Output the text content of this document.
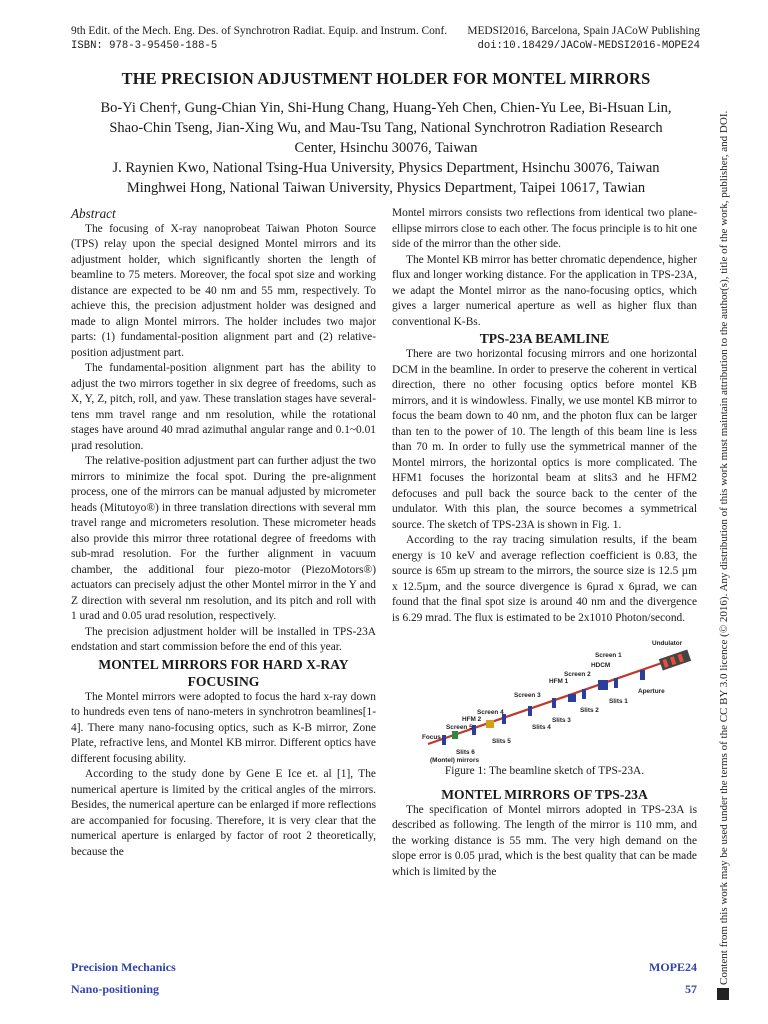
9th Edit. of the Mech. Eng. Des. of Synchrotron Radiat. Equip. and Instrum. Conf. MEDSI2016, Barcelona, Spain JACoW Publishing
ISBN: 978-3-95450-188-5	doi:10.18429/JACoW-MEDSI2016-MOPE24
THE PRECISION ADJUSTMENT HOLDER FOR MONTEL MIRRORS
Bo-Yi Chen†, Gung-Chian Yin, Shi-Hung Chang, Huang-Yeh Chen, Chien-Yu Lee, Bi-Hsuan Lin,
Shao-Chin Tseng, Jian-Xing Wu, and Mau-Tsu Tang, National Synchrotron Radiation Research
Center, Hsinchu 30076, Taiwan
J. Raynien Kwo, National Tsing-Hua University, Physics Department, Hsinchu 30076, Taiwan
Minghwei Hong, National Taiwan University, Physics Department, Taipei 10617, Tawian

Abstract

The focusing of X-ray nanoprobeat Taiwan Photon Source (TPS) relay upon the special designed Montel mirrors and its adjustment holder, which significantly shorten the length of beamline to 75 meters. Moreover, the focal spot size and working distance are expected to be 40 nm and 55 mm, respectively. To achieve this, the precision adjustment holder was designed and made to align Montel mirrors. The holder includes two major parts: (1) fundamental-position alignment part and (2) relative-position adjustment part.

The fundamental-position alignment part has the ability to adjust the two mirrors together in six degree of freedoms, such as X, Y, Z, pitch, roll, and yaw. These translation stages have several-tens mm travel range and nm resolution, while the rotational stages have around 40 mrad azimuthal angular range and 0.1~0.01 µrad resolution.

The relative-position adjustment part can further adjust the two mirrors to minimize the focal spot. During the pre-alignment process, one of the mirrors can be manual adjusted by micrometer heads (Mitutoyo®) in three translation directions with several mm travel range and micrometers resolution. These micrometer heads also provide this mirror three rotational degree of freedoms with sub-mrad resolution. For the further alignment in vacuum chamber, the additional four piezo-motor (PiezoMotors®) actuators can precisely adjust the other Montel mirror in the Y and Z direction with several nm resolution, and its pitch and roll with 1 urad and 0.05 urad resolution, respectively.

The precision adjustment holder will be installed in TPS-23A endstation and start commission before the end of this year.

MONTEL MIRRORS FOR HARD X-RAY FOCUSING

The Montel mirrors were adopted to focus the hard x-ray down to hundreds even tens of nano-meters in synchrotron beamlines[1-4]. There many nano-focusing optics, such as K-B mirror, Zone Plate, refractive lens, and Montel KB mirror. Different optics have different focusing ability.

According to the study done by Gene E Ice et. al [1], The numerical aperture is limited by the critical angles of the mirrors. Besides, the numerical aperture can be enlarged if more reflections are accompanied for focusing. Therefore, it is very clear that the numerical aperture is enlarged by factor of root 2 theoretically, because the

Montel mirrors consists two reflections from identical two plane-ellipse mirrors close to each other. The focus principle is to hit one side of the mirror than the other side.

The Montel KB mirror has better chromatic dependence, higher flux and longer working distance. For the application in TPS-23A, we adapt the Montel mirror as the nano-focusing optics, which gives a larger numerical aperture as well as higher flux than conventional K-Bs.

TPS-23A BEAMLINE

There are two horizontal focusing mirrors and one horizontal DCM in the beamline. In order to preserve the coherent in vertical direction, there no other focusing optics before montel KB mirrors, and it is windowless. Finally, we use montel KB mirror to focus the beam down to 40 nm, and the photon flux can be larger than ten to the power of 10. The length of this beam line is less than 70 m. In order to fully use the symmetrical manner of the Montel mirrors, the horizontal optics is more complicated. The HFM1 focuses the horizontal beam at slits3 and he HFM2 defocuses and pull back the source back to the center of the undulator. With this plan, the source becomes a symmetrical source. The sketch of TPS-23A is shown in Fig. 1.

According to the ray tracing simulation results, if the beam energy is 10 keV and average reflection coefficient is 0.83, the source is 65m up stream to the mirrors, the source size is 12.5 µm x 12.5µm, and the source divergence is 6µrad x 6µrad, we can found that the final spot size is around 40 nm and the divergence is 6.29 mrad. The flux is estimated to be 2x1010 Photon/second.

Undulator
Screen 1
HDCM
Screen 2
HFM 1
Aperture
Screen 3
Slits 1
Slits 2
Screen 4
Slits 3
HFM 2
Slits 4
Screen 5
Focus
Slits 5
Slits 6
(Montel) mirrors

Figure 1: The beamline sketch of TPS-23A.

MONTEL MIRRORS OF TPS-23A

The specification of Montel mirrors adopted in TPS-23A is described as following. The length of the mirror is 110 mm, and the working distance is 55 mm. The very high demand on the slope error is 0.05 µrad, which is the best quality that can be made which is limited by the	Content from this work may be used under the terms of the CC BY 3.0 licence (© 2016). Any distribution of this work must maintain attribution to the author(s), title of the work, publisher, and DOI.
Precision Mechanics
Nano-positioning
MOPE24
57
